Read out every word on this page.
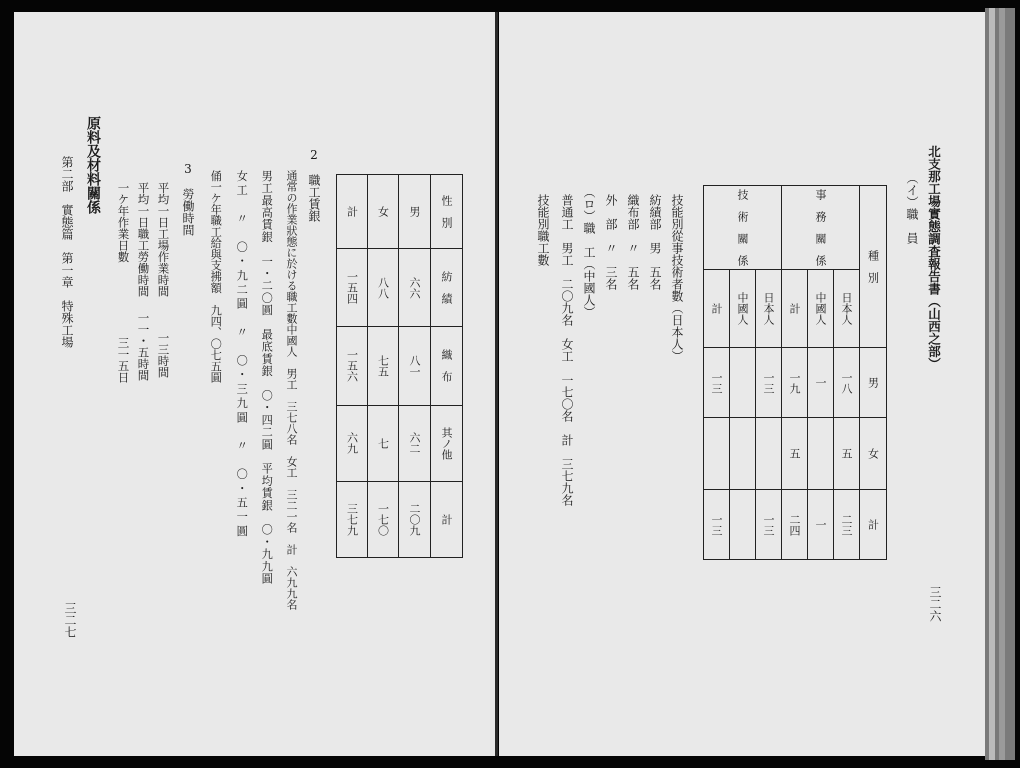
原料及材料關係
第二部　實態篇　第一章　特殊工場	3　勞働時間
平均一日工場作業時間
一三時間
平均一日職工勞働時間
一一・五時間
一ケ年作業日數
三一五日
2　職工賃銀
通常の作業狀態に於ける職工數中國人　男工　三七八名　女工　三二一名　計　六九九名
男工最高賃銀　一・二〇圓　最底賃銀　〇・四二圓　平均賃銀　〇・九九圓
女工　〃　〇・九二圓　〃　〇・三九圓　〃　〇・五一圓
俑一ケ年職工給與支拂額　九四、〇七五圓	計	女	男	性　別
一五四	八八	六六	紡　績
一五六	七五	八一	織　布
六九	七	六二	其ノ他
三七九	一七〇	二〇九	計
三二七
北支那工場實態調査報告書（山西之部）
（イ）職　員
技　術　關　係			事　務　關　係			種　別
計	中國人	日本人	計	中國人	日本人	
一三		一三	一九	一	一八	男
			五		五	女
一三		一三	二四	一	二三	計
技能別從事技術者數（日本人）
紡績部　男　五名
織布部　〃　五名
外　部　〃　三名
（ロ）職　工（中國人）
普通工　男工　二〇九名　女工　一七〇名　計　三七九名
技能別職工數
三二六
